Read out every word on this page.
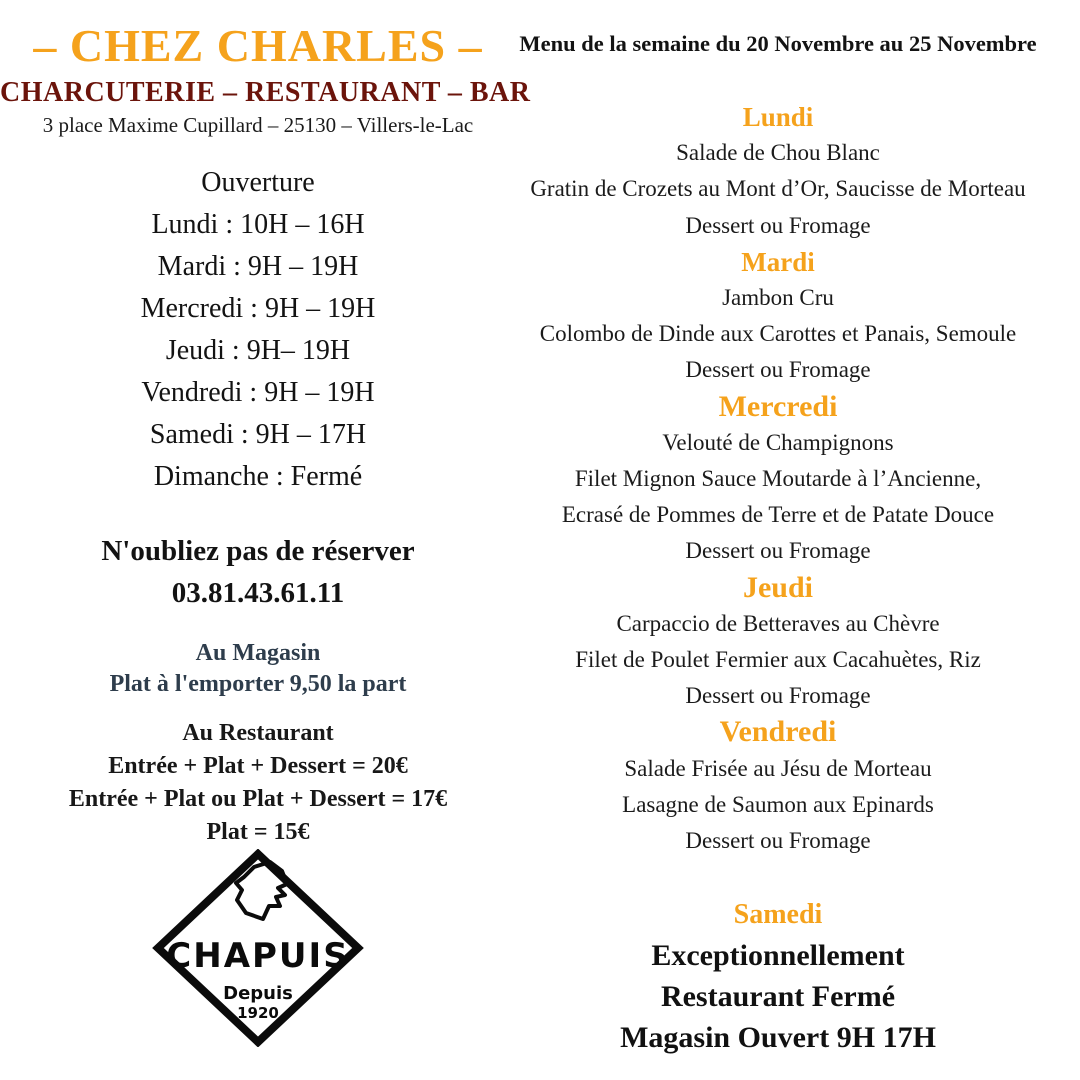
– CHEZ CHARLES –
CHARCUTERIE – RESTAURANT – BAR
3 place Maxime Cupillard – 25130 – Villers-le-Lac
Ouverture
Lundi : 10H – 16H
Mardi : 9H – 19H
Mercredi : 9H – 19H
Jeudi : 9H– 19H
Vendredi : 9H – 19H
Samedi : 9H – 17H
Dimanche : Fermé
N'oubliez pas de réserver
03.81.43.61.11
Au Magasin
Plat à l'emporter 9,50 la part
Au Restaurant
Entrée + Plat + Dessert = 20€
Entrée + Plat ou Plat + Dessert = 17€
Plat = 15€
CHAPUIS
Depuis
1920
Menu de la semaine du 20 Novembre au 25 Novembre
Lundi
Salade de Chou Blanc
Gratin de Crozets au Mont d’Or, Saucisse de Morteau
Dessert ou Fromage
Mardi
Jambon Cru
Colombo de Dinde aux Carottes et Panais, Semoule
Dessert ou Fromage
Mercredi
Velouté de Champignons
Filet Mignon Sauce Moutarde à l’Ancienne,
Ecrasé de Pommes de Terre et de Patate Douce
Dessert ou Fromage
Jeudi
Carpaccio de Betteraves au Chèvre
Filet de Poulet Fermier aux Cacahuètes, Riz
Dessert ou Fromage
Vendredi
Salade Frisée au Jésu de Morteau
Lasagne de Saumon aux Epinards
Dessert ou Fromage
Samedi
Exceptionnellement
Restaurant Fermé
Magasin Ouvert 9H 17H
